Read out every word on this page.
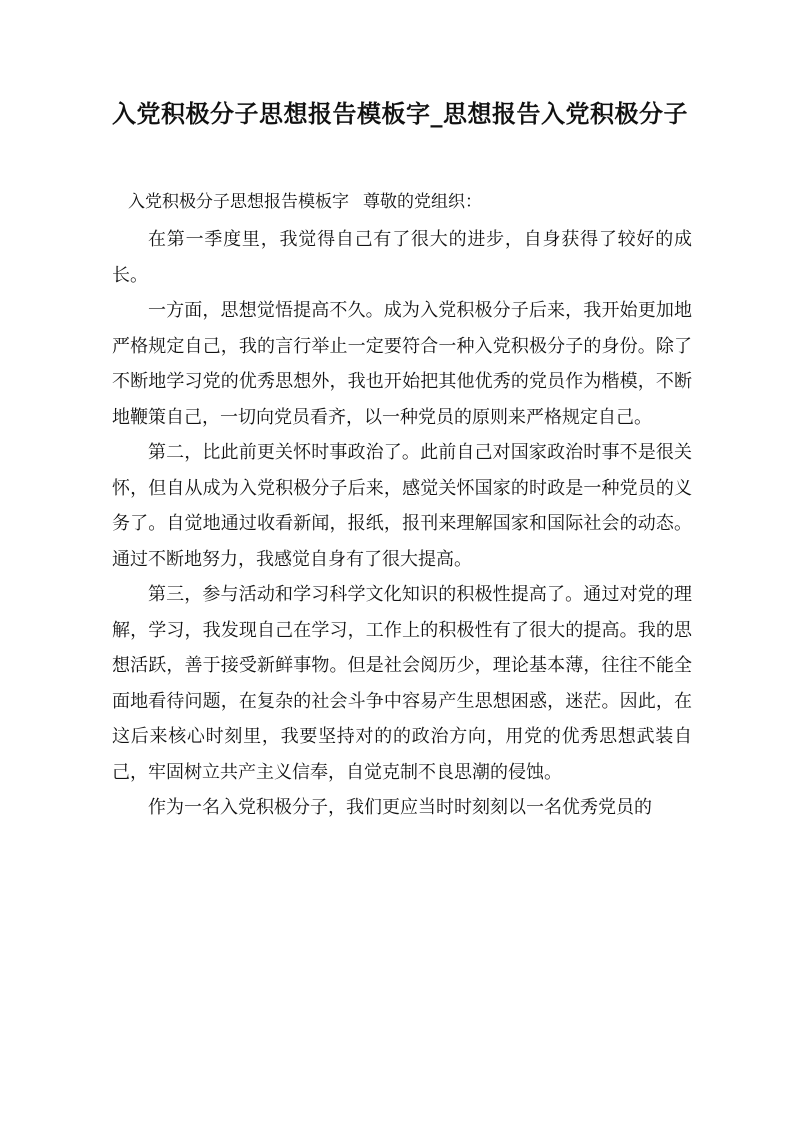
入党积极分子思想报告模板字_思想报告入党积极分子
入党积极分子思想报告模板字 尊敬的党组织：

在第一季度里，我觉得自己有了很大的进步，自身获得了较好的成长。

一方面，思想觉悟提高不久。成为入党积极分子后来，我开始更加地严格规定自己，我的言行举止一定要符合一种入党积极分子的身份。除了不断地学习党的优秀思想外，我也开始把其他优秀的党员作为楷模，不断地鞭策自己，一切向党员看齐，以一种党员的原则来严格规定自己。

第二，比此前更关怀时事政治了。此前自己对国家政治时事不是很关怀，但自从成为入党积极分子后来，感觉关怀国家的时政是一种党员的义务了。自觉地通过收看新闻，报纸，报刊来理解国家和国际社会的动态。通过不断地努力，我感觉自身有了很大提高。

第三，参与活动和学习科学文化知识的积极性提高了。通过对党的理解，学习，我发现自己在学习，工作上的积极性有了很大的提高。我的思想活跃，善于接受新鲜事物。但是社会阅历少，理论基本薄，往往不能全面地看待问题，在复杂的社会斗争中容易产生思想困惑，迷茫。因此，在这后来核心时刻里，我要坚持对的的政治方向，用党的优秀思想武装自己，牢固树立共产主义信奉，自觉克制不良思潮的侵蚀。

作为一名入党积极分子，我们更应当时时刻刻以一名优秀党员的
